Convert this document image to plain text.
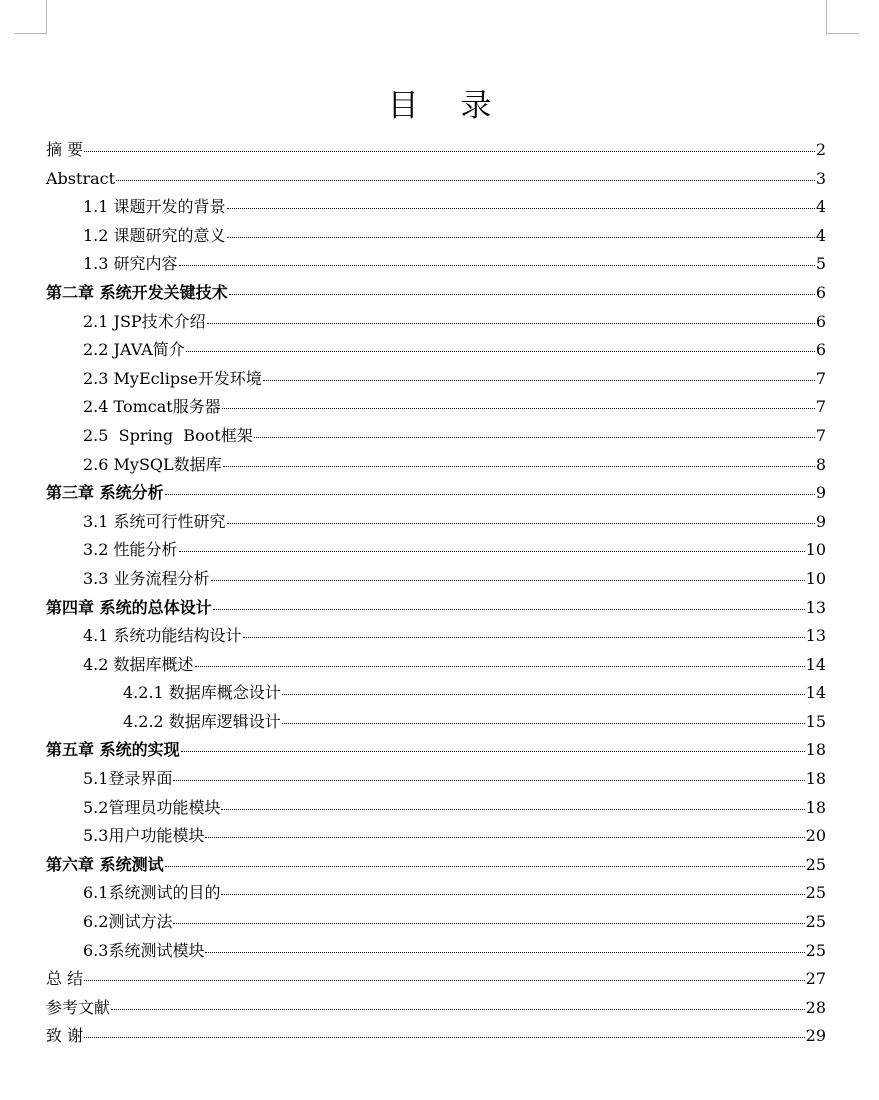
目 录
摘 要	2
Abstract	3
1.1 课题开发的背景	4
1.2 课题研究的意义	4
1.3 研究内容	5
第二章 系统开发关键技术	6
2.1 JSP技术介绍	6
2.2 JAVA简介	6
2.3 MyEclipse开发环境	7
2.4 Tomcat服务器	7
2.5  Spring  Boot框架	7
2.6 MySQL数据库	8
第三章 系统分析	9
3.1 系统可行性研究	9
3.2 性能分析	10
3.3 业务流程分析	10
第四章 系统的总体设计	13
4.1 系统功能结构设计	13
4.2 数据库概述	14
4.2.1 数据库概念设计	14
4.2.2 数据库逻辑设计	15
第五章 系统的实现	18
5.1登录界面	18
5.2管理员功能模块	18
5.3用户功能模块	20
第六章 系统测试	25
6.1系统测试的目的	25
6.2测试方法	25
6.3系统测试模块	25
总 结	27
参考文献	28
致 谢	29
